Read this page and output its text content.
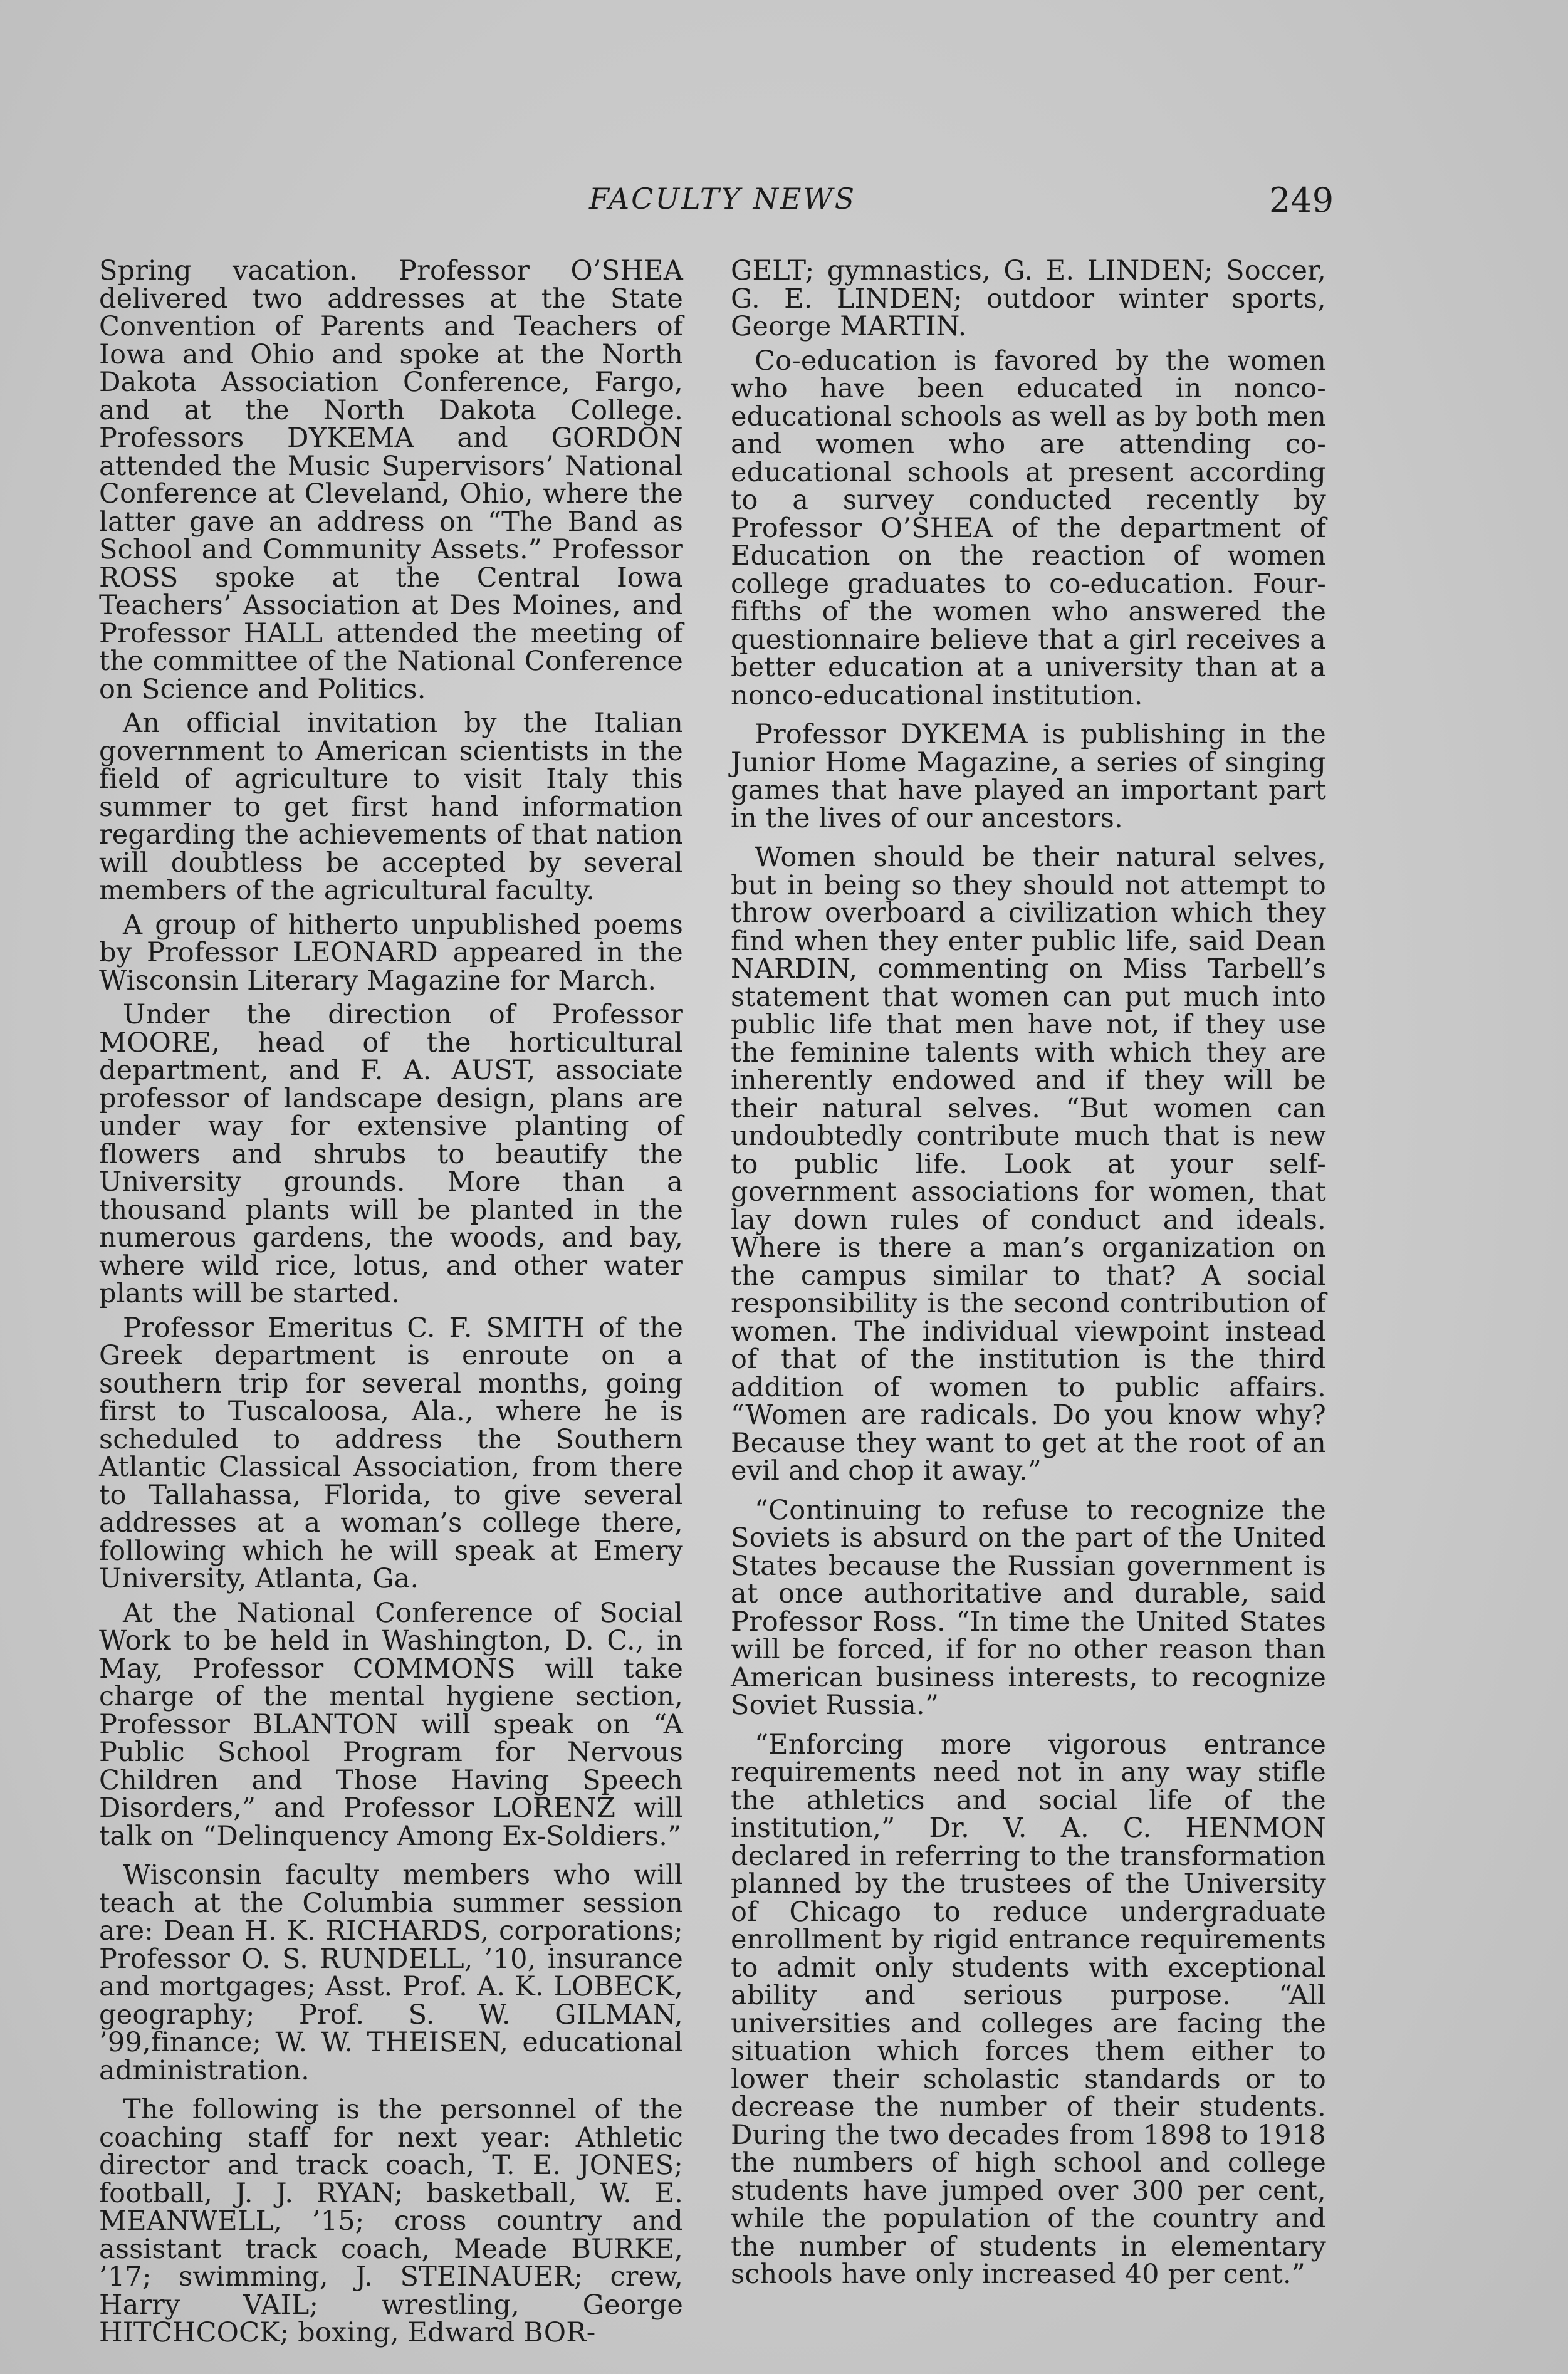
FACULTY NEWS	249

Spring vacation. Professor O’SHEA delivered two addresses at the State Convention of Parents and Teachers of Iowa and Ohio and spoke at the North Dakota Association Conference, Fargo, and at the North Dakota College. Professors DYKEMA and GORDON attended the Music Supervisors’ National Conference at Cleveland, Ohio, where the latter gave an address on “The Band as School and Community Assets.” Professor ROSS spoke at the Central Iowa Teachers’ Association at Des Moines, and Professor HALL attended the meeting of the committee of the National Conference on Science and Politics.

An official invitation by the Italian government to American scientists in the field of agriculture to visit Italy this summer to get first hand information regarding the achievements of that nation will doubtless be accepted by several members of the agricultural faculty.

A group of hitherto unpublished poems by Professor LEONARD appeared in the Wisconsin Literary Magazine for March.

Under the direction of Professor MOORE, head of the horticultural department, and F. A. AUST, associate professor of landscape design, plans are under way for extensive planting of flowers and shrubs to beautify the University grounds. More than a thousand plants will be planted in the numerous gardens, the woods, and bay, where wild rice, lotus, and other water plants will be started.

Professor Emeritus C. F. SMITH of the Greek department is enroute on a southern trip for several months, going first to Tuscaloosa, Ala., where he is scheduled to address the Southern Atlantic Classical Association, from there to Tallahassa, Florida, to give several addresses at a woman’s college there, following which he will speak at Emery University, Atlanta, Ga.

At the National Conference of Social Work to be held in Washington, D. C., in May, Professor COMMONS will take charge of the mental hygiene section, Professor BLANTON will speak on “A Public School Program for Nervous Children and Those Having Speech Disorders,” and Professor LORENZ will talk on “Delinquency Among Ex-Soldiers.”

Wisconsin faculty members who will teach at the Columbia summer session are: Dean H. K. RICHARDS, corporations; Professor O. S. RUNDELL, ’10, insurance and mortgages; Asst. Prof. A. K. LOBECK, geography; Prof. S. W. GILMAN, ’99,finance; W. W. THEISEN, educational administration.

The following is the personnel of the coaching staff for next year: Athletic director and track coach, T. E. JONES; football, J. J. RYAN; basketball, W. E. MEANWELL, ’15; cross country and assistant track coach, Meade BURKE, ’17; swimming, J. STEINAUER; crew, Harry VAIL; wrestling, George HITCHCOCK; boxing, Edward BOR-

GELT; gymnastics, G. E. LINDEN; Soccer, G. E. LINDEN; outdoor winter sports, George MARTIN.

Co-education is favored by the women who have been educated in nonco-educational schools as well as by both men and women who are attending co-educational schools at present according to a survey conducted recently by Professor O’SHEA of the department of Education on the reaction of women college graduates to co-education. Four-fifths of the women who answered the questionnaire believe that a girl receives a better education at a university than at a nonco-educational institution.

Professor DYKEMA is publishing in the Junior Home Magazine, a series of singing games that have played an important part in the lives of our ancestors.

Women should be their natural selves, but in being so they should not attempt to throw overboard a civilization which they find when they enter public life, said Dean NARDIN, commenting on Miss Tarbell’s statement that women can put much into public life that men have not, if they use the feminine talents with which they are inherently endowed and if they will be their natural selves. “But women can undoubtedly contribute much that is new to public life. Look at your self-government associations for women, that lay down rules of conduct and ideals. Where is there a man’s organization on the campus similar to that? A social responsibility is the second contribution of women. The individual viewpoint instead of that of the institution is the third addition of women to public affairs. “Women are radicals. Do you know why? Because they want to get at the root of an evil and chop it away.”

“Continuing to refuse to recognize the Soviets is absurd on the part of the United States because the Russian government is at once authoritative and durable, said Professor Ross. “In time the United States will be forced, if for no other reason than American business interests, to recognize Soviet Russia.”

“Enforcing more vigorous entrance requirements need not in any way stifle the athletics and social life of the institution,” Dr. V. A. C. HENMON declared in referring to the transformation planned by the trustees of the University of Chicago to reduce undergraduate enrollment by rigid entrance requirements to admit only students with exceptional ability and serious purpose. “All universities and colleges are facing the situation which forces them either to lower their scholastic standards or to decrease the number of their students. During the two decades from 1898 to 1918 the numbers of high school and college students have jumped over 300 per cent, while the population of the country and the number of students in elementary schools have only increased 40 per cent.”
